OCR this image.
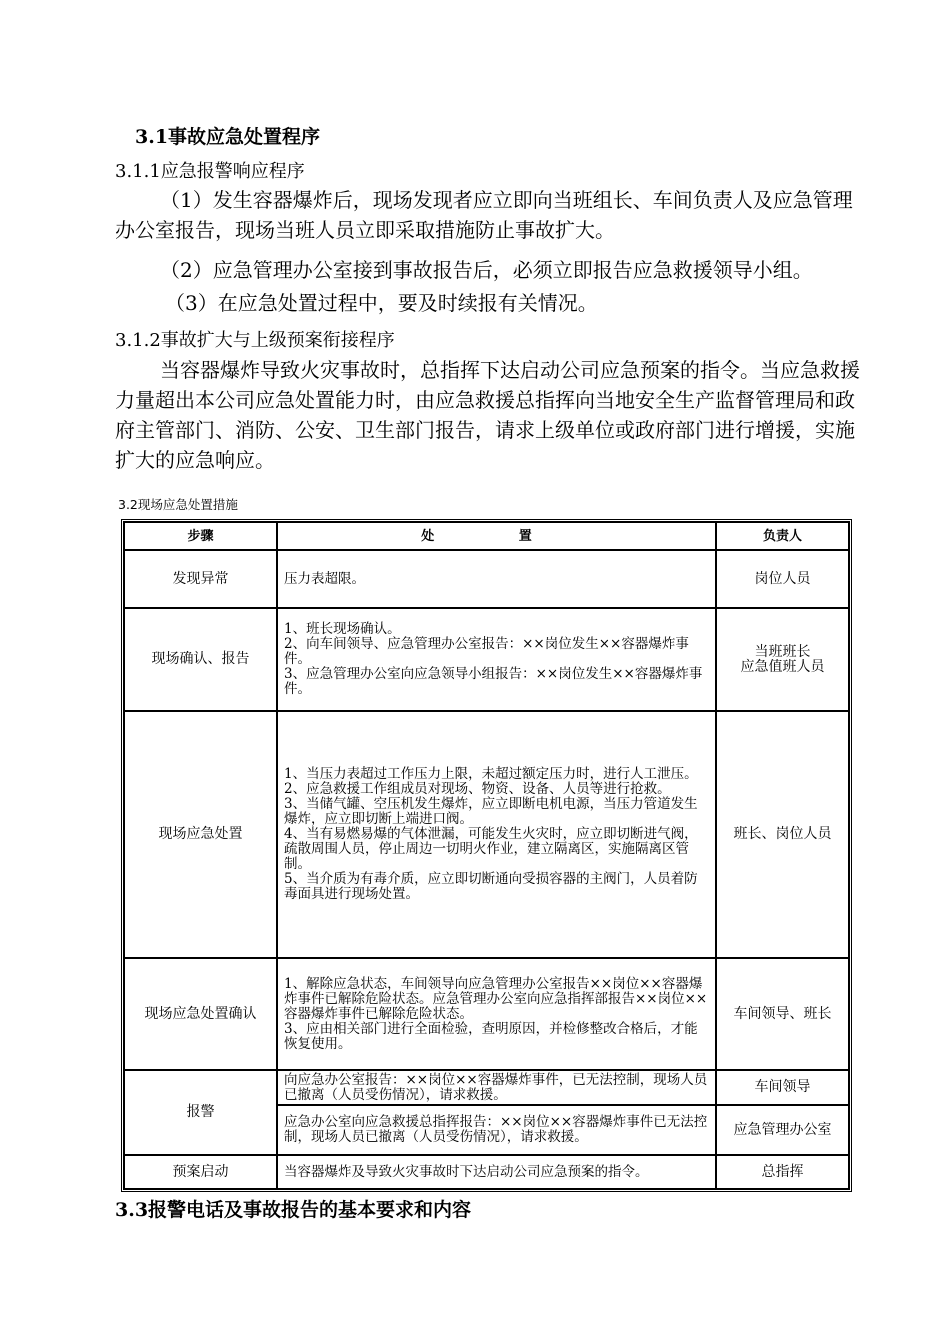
3.1事故应急处置程序
3.1.1应急报警响应程序

（1）发生容器爆炸后，现场发现者应立即向当班组长、车间负责人及应急管理办公室报告，现场当班人员立即采取措施防止事故扩大。

（2）应急管理办公室接到事故报告后，必须立即报告应急救援领导小组。

（3）在应急处置过程中，要及时续报有关情况。

3.1.2事故扩大与上级预案衔接程序

当容器爆炸导致火灾事故时，总指挥下达启动公司应急预案的指令。当应急救援力量超出本公司应急处置能力时，由应急救援总指挥向当地安全生产监督管理局和政府主管部门、消防、公安、卫生部门报告，请求上级单位或政府部门进行增援，实施扩大的应急响应。

3.2现场应急处置措施
步骤	处 置	负责人
发现异常	压力表超限。	岗位人员

现场确认、报告	1、班长现场确认。
2、向车间领导、应急管理办公室报告：××岗位发生××容器爆炸事件。
3、应急管理办公室向应急领导小组报告：××岗位发生××容器爆炸事件。	当班班长
应急值班人员

现场应急处置	1、当压力表超过工作压力上限，未超过额定压力时，进行人工泄压。
2、应急救援工作组成员对现场、物资、设备、人员等进行抢救。
3、当储气罐、空压机发生爆炸，应立即断电机电源，当压力管道发生爆炸，应立即切断上端进口阀。
4、当有易燃易爆的气体泄漏，可能发生火灾时，应立即切断进气阀，疏散周围人员，停止周边一切明火作业，建立隔离区，实施隔离区管制。
5、当介质为有毒介质，应立即切断通向受损容器的主阀门，人员着防毒面具进行现场处置。	班长、岗位人员

现场应急处置确认	1、解除应急状态，车间领导向应急管理办公室报告××岗位××容器爆炸事件已解除危险状态。应急管理办公室向应急指挥部报告××岗位××容器爆炸事件已解除危险状态。
3、应由相关部门进行全面检验，查明原因，并检修整改合格后，才能恢复使用。	车间领导、班长

报警	向应急办公室报告：××岗位××容器爆炸事件，已无法控制，现场人员已撤离（人员受伤情况），请求救援。	车间领导

	应急办公室向应急救援总指挥报告：××岗位××容器爆炸事件已无法控制，现场人员已撤离（人员受伤情况），请求救援。	应急管理办公室

预案启动	当容器爆炸及导致火灾事故时下达启动公司应急预案的指令。	总指挥
3.3报警电话及事故报告的基本要求和内容
